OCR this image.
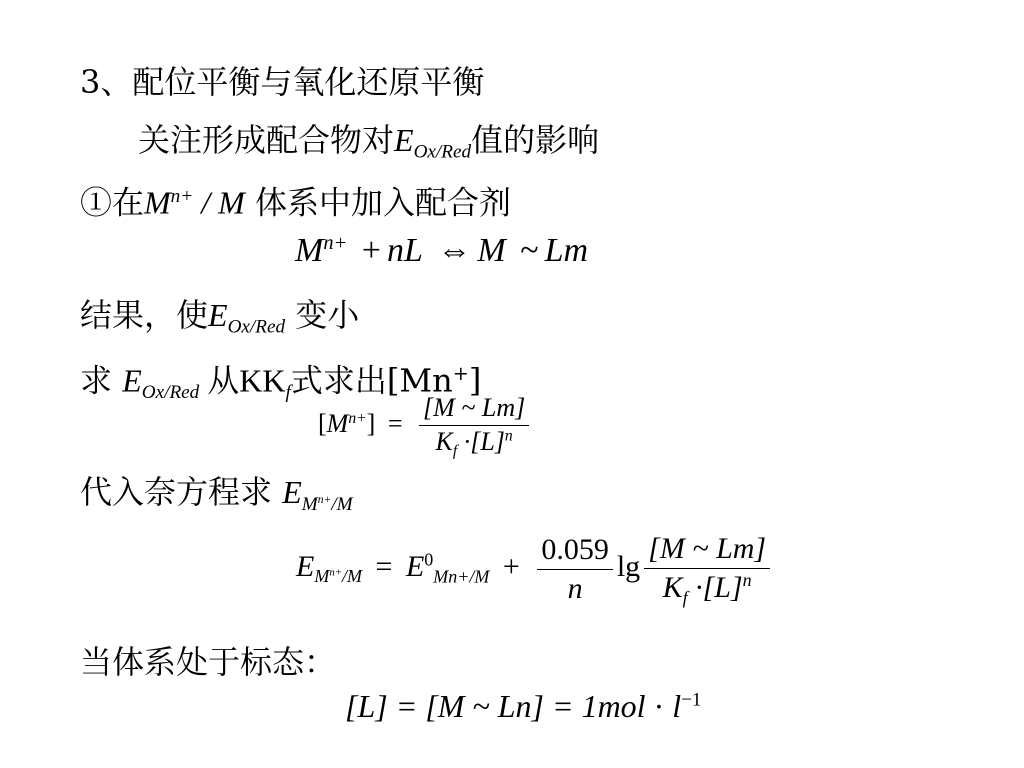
3、配位平衡与氧化还原平衡
关注形成配合物对$E_{Ox/Red}$值的影响
①在$M^{n+}$ / M 体系中加入配合剂
$M^{n+}$ + nL ⇔ M ~ Lm
结果，使$E_{Ox/Red}$ 变小
求 $E_{Ox/Red}$ 从$KK_f$式求出[Mn+]
$[M^{n+}] = \frac{[M \sim Lm]}{K_f \cdot[L]^n}$
代入奈方程求 $E_{M^{n+}/M}$
$E_{M^{n+}/M} = E^0_{Mn+/M} + \frac{0.059}{n}$ $\lg \frac{[M \sim Lm]}{K_f \cdot[L]^n}$
当体系处于标态：
[L] = [M ~ $Ln] = 1mol \cdot l^{-1}$
